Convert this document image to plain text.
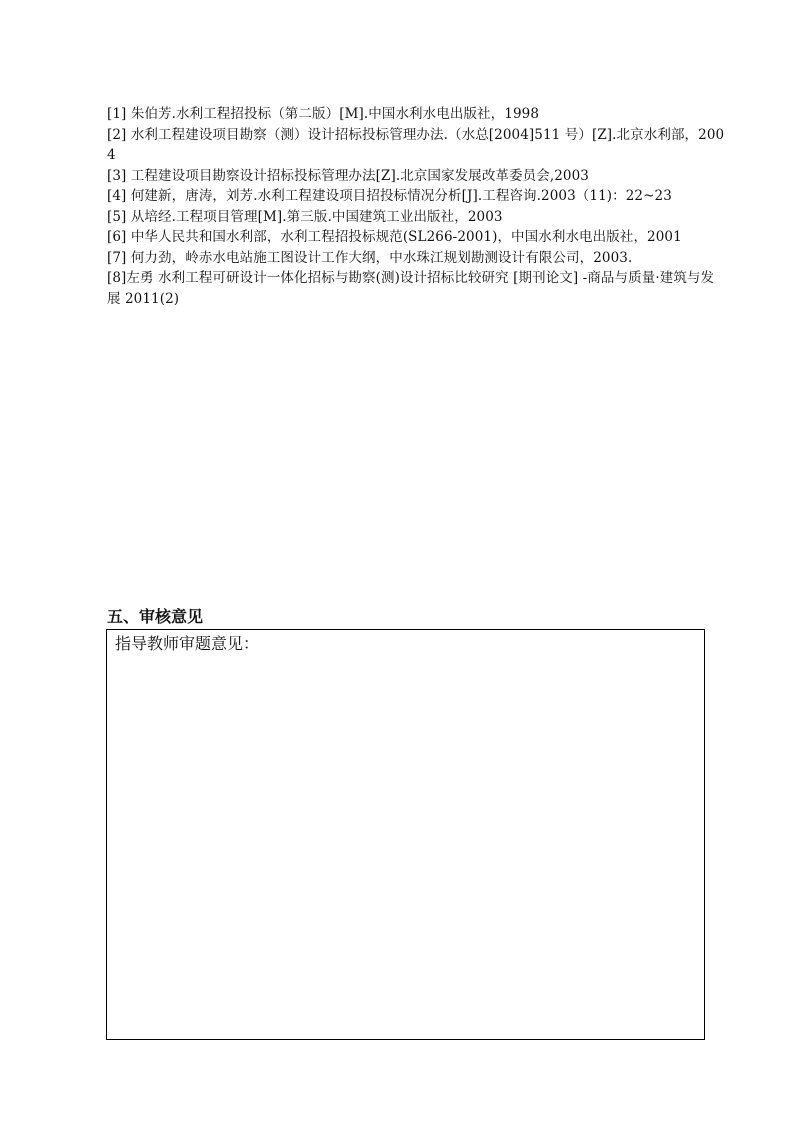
[1] 朱伯芳.水利工程招投标（第二版）[M].中国水利水电出版社，1998

[2] 水利工程建设项目勘察（测）设计招标投标管理办法.（水总[2004]511 号）[Z].北京水利部，2004

[3] 工程建设项目勘察设计招标投标管理办法[Z].北京国家发展改革委员会,2003

[4] 何建新，唐涛，刘芳.水利工程建设项目招投标情况分析[J].工程咨询.2003（11)：22~23

[5] 从培经.工程项目管理[M].第三版.中国建筑工业出版社，2003

[6] 中华人民共和国水利部，水利工程招投标规范(SL266-2001)，中国水利水电出版社，2001

[7] 何力劲，岭赤水电站施工图设计工作大纲，中水珠江规划勘测设计有限公司，2003.

[8]左勇 水利工程可研设计一体化招标与勘察(测)设计招标比较研究 [期刊论文] -商品与质量·建筑与发展 2011(2)

五、审核意见

指导教师审题意见：
